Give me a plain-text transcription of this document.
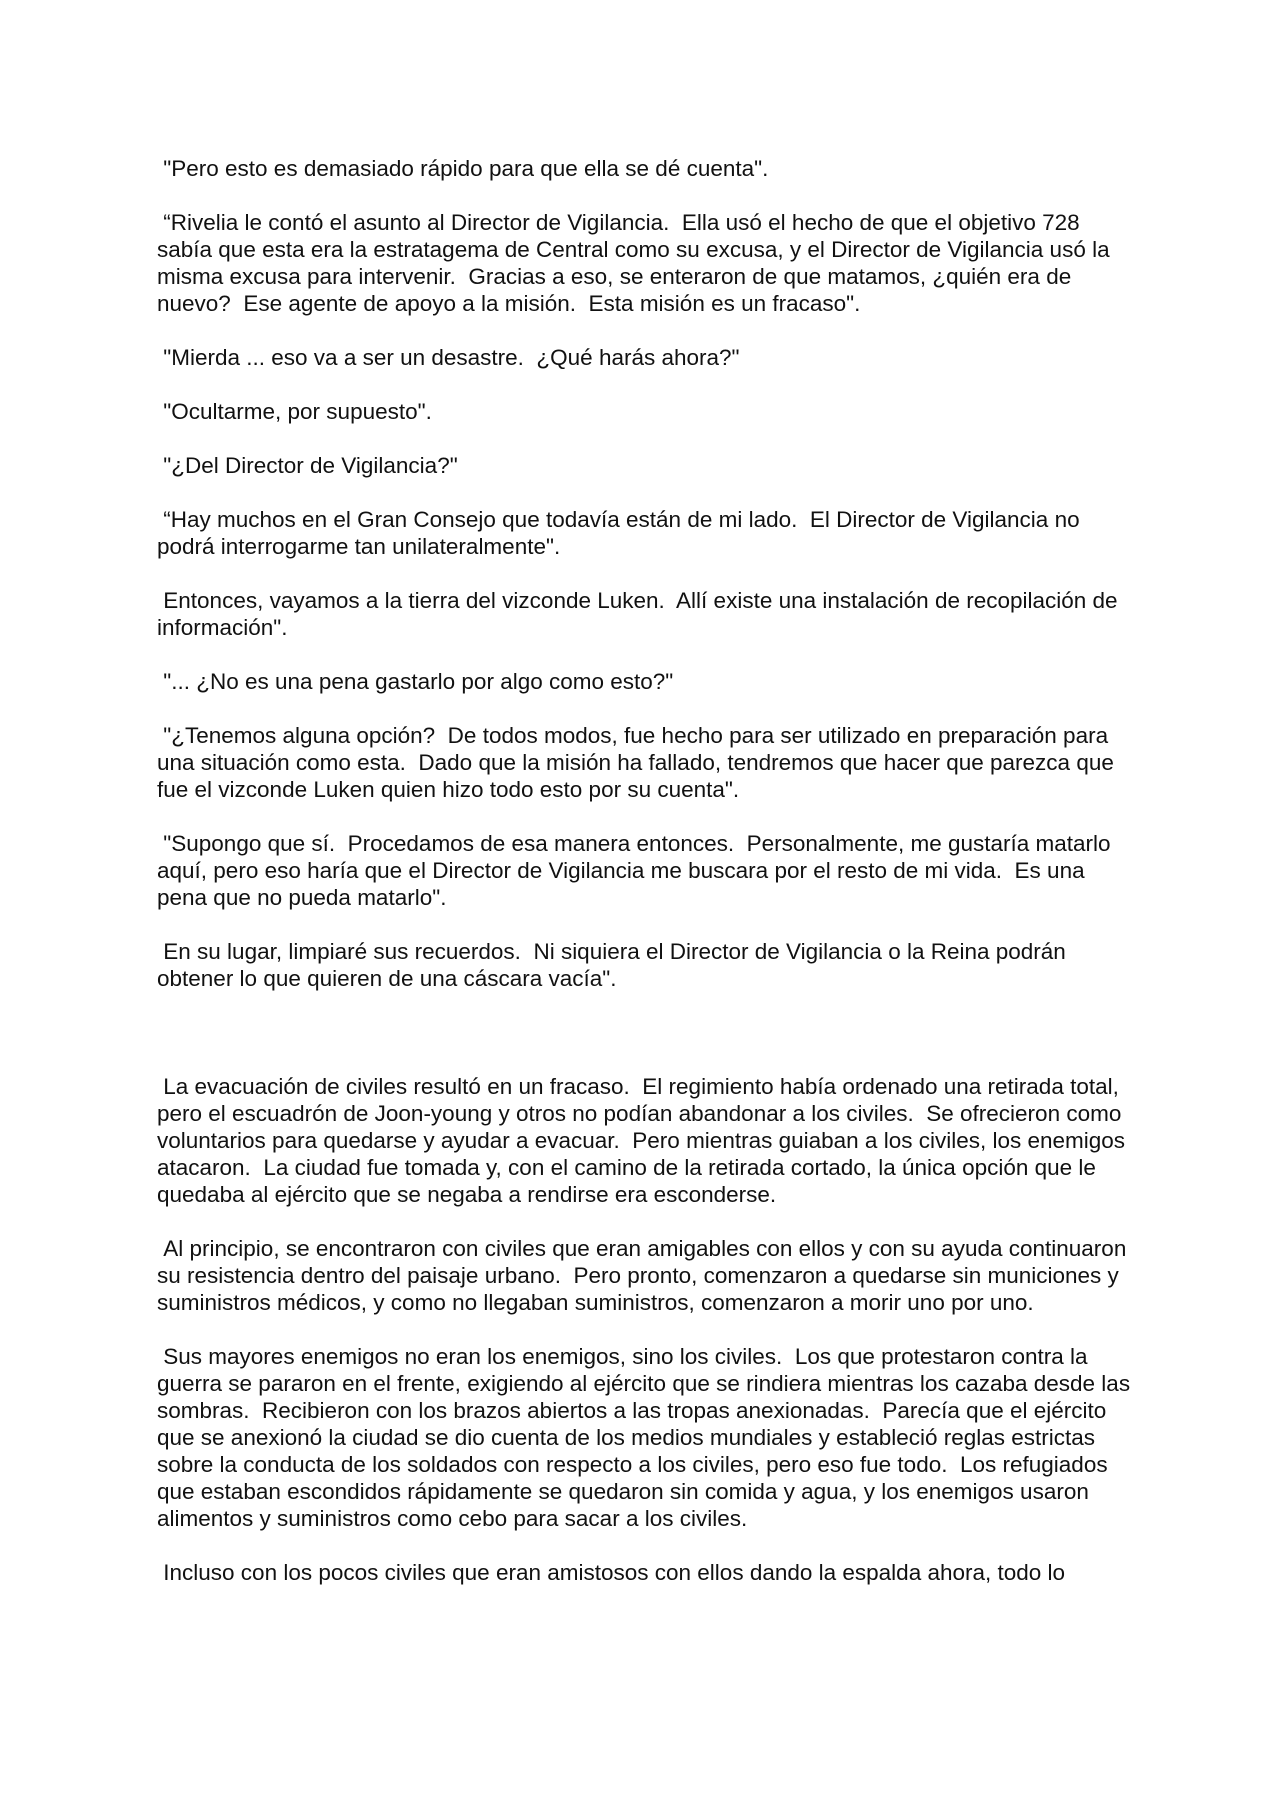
"Pero esto es demasiado rápido para que ella se dé cuenta".

“Rivelia le contó el asunto al Director de Vigilancia.  Ella usó el hecho de que el objetivo 728 sabía que esta era la estratagema de Central como su excusa, y el Director de Vigilancia usó la misma excusa para intervenir.  Gracias a eso, se enteraron de que matamos, ¿quién era de nuevo?  Ese agente de apoyo a la misión.  Esta misión es un fracaso".

"Mierda ... eso va a ser un desastre.  ¿Qué harás ahora?"

"Ocultarme, por supuesto".

"¿Del Director de Vigilancia?"

“Hay muchos en el Gran Consejo que todavía están de mi lado.  El Director de Vigilancia no podrá interrogarme tan unilateralmente".

Entonces, vayamos a la tierra del vizconde Luken.  Allí existe una instalación de recopilación de información".

"... ¿No es una pena gastarlo por algo como esto?"

"¿Tenemos alguna opción?  De todos modos, fue hecho para ser utilizado en preparación para una situación como esta.  Dado que la misión ha fallado, tendremos que hacer que parezca que fue el vizconde Luken quien hizo todo esto por su cuenta".

"Supongo que sí.  Procedamos de esa manera entonces.  Personalmente, me gustaría matarlo aquí, pero eso haría que el Director de Vigilancia me buscara por el resto de mi vida.  Es una pena que no pueda matarlo".

En su lugar, limpiaré sus recuerdos.  Ni siquiera el Director de Vigilancia o la Reina podrán obtener lo que quieren de una cáscara vacía".

La evacuación de civiles resultó en un fracaso.  El regimiento había ordenado una retirada total, pero el escuadrón de Joon-young y otros no podían abandonar a los civiles.  Se ofrecieron como voluntarios para quedarse y ayudar a evacuar.  Pero mientras guiaban a los civiles, los enemigos atacaron.  La ciudad fue tomada y, con el camino de la retirada cortado, la única opción que le quedaba al ejército que se negaba a rendirse era esconderse.

Al principio, se encontraron con civiles que eran amigables con ellos y con su ayuda continuaron su resistencia dentro del paisaje urbano.  Pero pronto, comenzaron a quedarse sin municiones y suministros médicos, y como no llegaban suministros, comenzaron a morir uno por uno.

Sus mayores enemigos no eran los enemigos, sino los civiles.  Los que protestaron contra la guerra se pararon en el frente, exigiendo al ejército que se rindiera mientras los cazaba desde las sombras.  Recibieron con los brazos abiertos a las tropas anexionadas.  Parecía que el ejército que se anexionó la ciudad se dio cuenta de los medios mundiales y estableció reglas estrictas sobre la conducta de los soldados con respecto a los civiles, pero eso fue todo.  Los refugiados que estaban escondidos rápidamente se quedaron sin comida y agua, y los enemigos usaron alimentos y suministros como cebo para sacar a los civiles.

Incluso con los pocos civiles que eran amistosos con ellos dando la espalda ahora, todo lo
